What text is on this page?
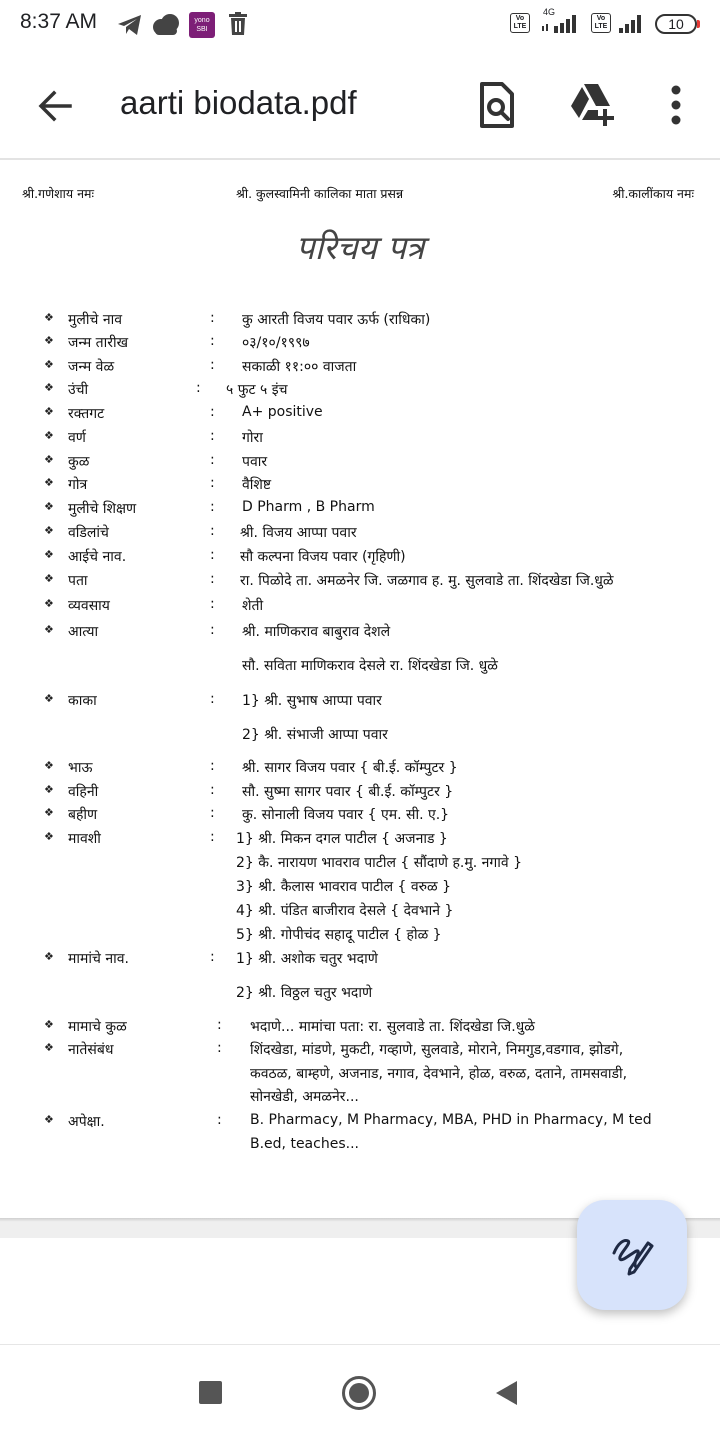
8:37 AM	yono
SBI
Vo LTE
4G
Vo LTE	10
aarti biodata.pdf
श्री.गणेशाय नमः	श्री. कुलस्वामिनी कालिका माता प्रसन्न	श्री.कालींकाय नमः
परिचय पत्र
❖ मुलीचे नाव	: कु आरती विजय पवार ऊर्फ (राधिका)
❖ जन्म तारीख	: ०३/१०/१९९७
❖ जन्म वेळ	: सकाळी ११:०० वाजता
❖ उंची	: ५ फुट ५ इंच
❖ रक्तगट	: A+ positive
❖ वर्ण	: गोरा
❖ कुळ	: पवार
❖ गोत्र	: वैशिष्ट
❖ मुलीचे शिक्षण	: D Pharm , B Pharm
❖ वडिलांचे	: श्री. विजय आप्पा पवार
❖ आईचे नाव.	: सौ कल्पना विजय पवार (गृहिणी)
❖ पता	: रा. पिळोदे ता. अमळनेर जि. जळगाव ह. मु. सुलवाडे ता. शिंदखेडा जि.धुळे
❖ व्यवसाय	: शेती
❖ आत्या	: श्री. माणिकराव बाबुराव देशले
सौ. सविता माणिकराव देसले रा. शिंदखेडा जि. धुळे
❖ काका	: 1} श्री. सुभाष आप्पा पवार
2} श्री. संभाजी आप्पा पवार
❖ भाऊ	: श्री. सागर विजय पवार { बी.ई. कॉम्पुटर }
❖ वहिनी	: सौ. सुष्मा सागर पवार { बी.ई. कॉम्पुटर }
❖ बहीण	: कु. सोनाली विजय पवार { एम. सी. ए.}
❖ मावशी	: 1} श्री. मिकन दगल पाटील { अजनाड }
2} कै. नारायण भावराव पाटील { सौंदाणे ह.मु. नगावे }
3} श्री. कैलास भावराव पाटील { वरुळ }
4} श्री. पंडित बाजीराव देसले { देवभाने }
5} श्री. गोपीचंद सहादू पाटील { होळ }
❖ मामांचे नाव.	: 1} श्री. अशोक चतुर भदाणे
2} श्री. विठ्ठल चतुर भदाणे
❖ मामाचे कुळ	: भदाणे... मामांचा पता: रा. सुलवाडे ता. शिंदखेडा जि.धुळे
❖ नातेसंबंध	: शिंदखेडा, मांडणे, मुकटी, गव्हाणे, सुलवाडे, मोराने, निमगुड,वडगाव, झोडगे,
कवठळ, बाम्हणे, अजनाड, नगाव, देवभाने, होळ, वरुळ, दताने, तामसवाडी,
सोनखेडी, अमळनेर...
❖ अपेक्षा.	: B. Pharmacy, M Pharmacy, MBA, PHD in Pharmacy, M ted
B.ed, teaches...
